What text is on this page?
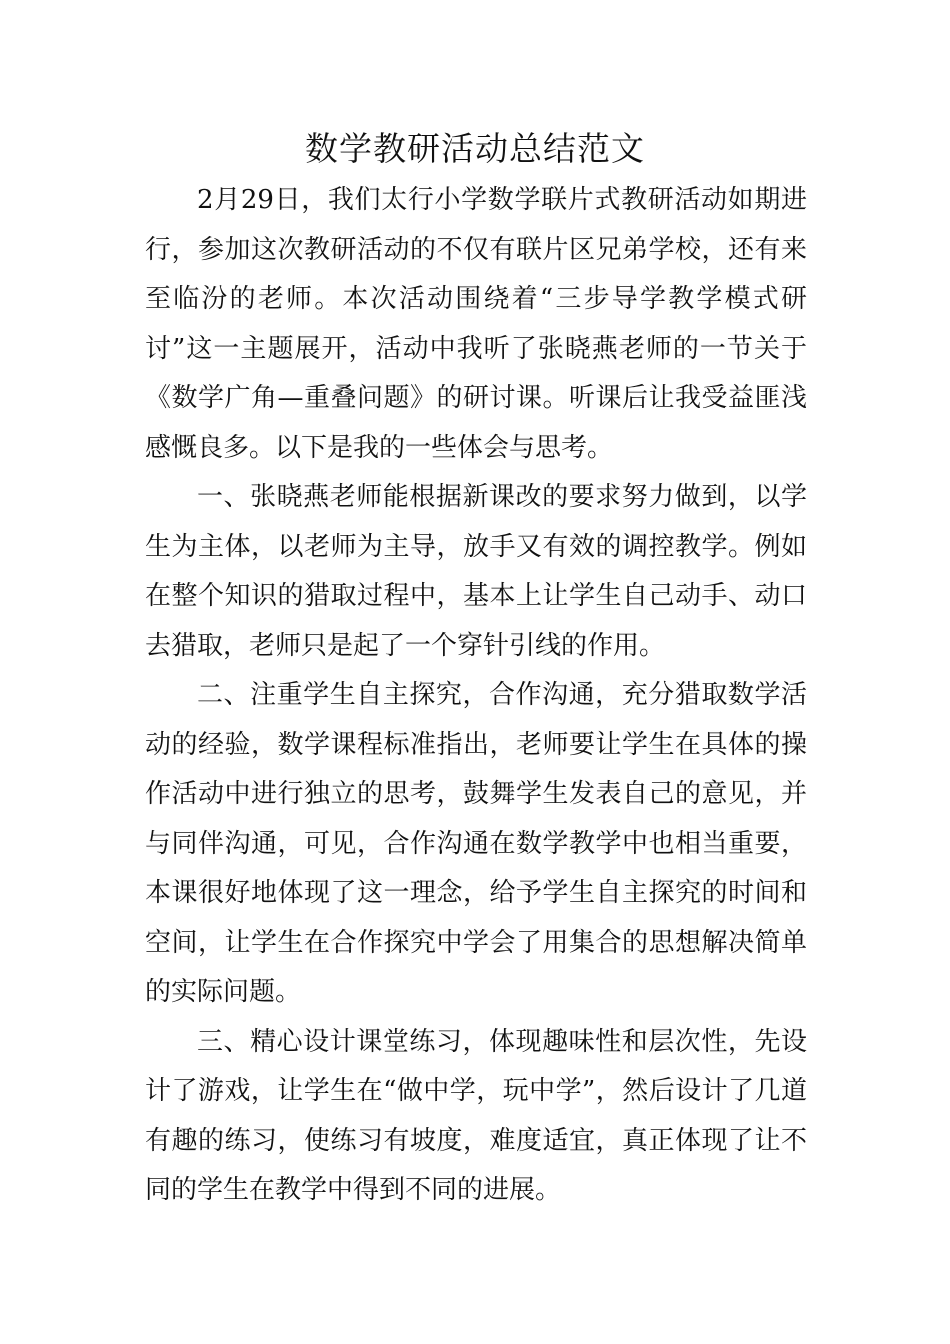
数学教研活动总结范文

2月29日，我们太行小学数学联片式教研活动如期进行，参加这次教研活动的不仅有联片区兄弟学校，还有来至临汾的老师。本次活动围绕着“三步导学教学模式研讨”这一主题展开，活动中我听了张晓燕老师的一节关于《数学广角—重叠问题》的研讨课。听课后让我受益匪浅感慨良多。以下是我的一些体会与思考。

一、张晓燕老师能根据新课改的要求努力做到，以学生为主体，以老师为主导，放手又有效的调控教学。例如在整个知识的猎取过程中，基本上让学生自己动手、动口去猎取，老师只是起了一个穿针引线的作用。

二、注重学生自主探究，合作沟通，充分猎取数学活动的经验，数学课程标准指出，老师要让学生在具体的操作活动中进行独立的思考，鼓舞学生发表自己的意见，并与同伴沟通，可见，合作沟通在数学教学中也相当重要，本课很好地体现了这一理念，给予学生自主探究的时间和空间，让学生在合作探究中学会了用集合的思想解决简单的实际问题。

三、精心设计课堂练习，体现趣味性和层次性，先设计了游戏，让学生在“做中学，玩中学”，然后设计了几道有趣的练习，使练习有坡度，难度适宜，真正体现了让不同的学生在教学中得到不同的进展。
